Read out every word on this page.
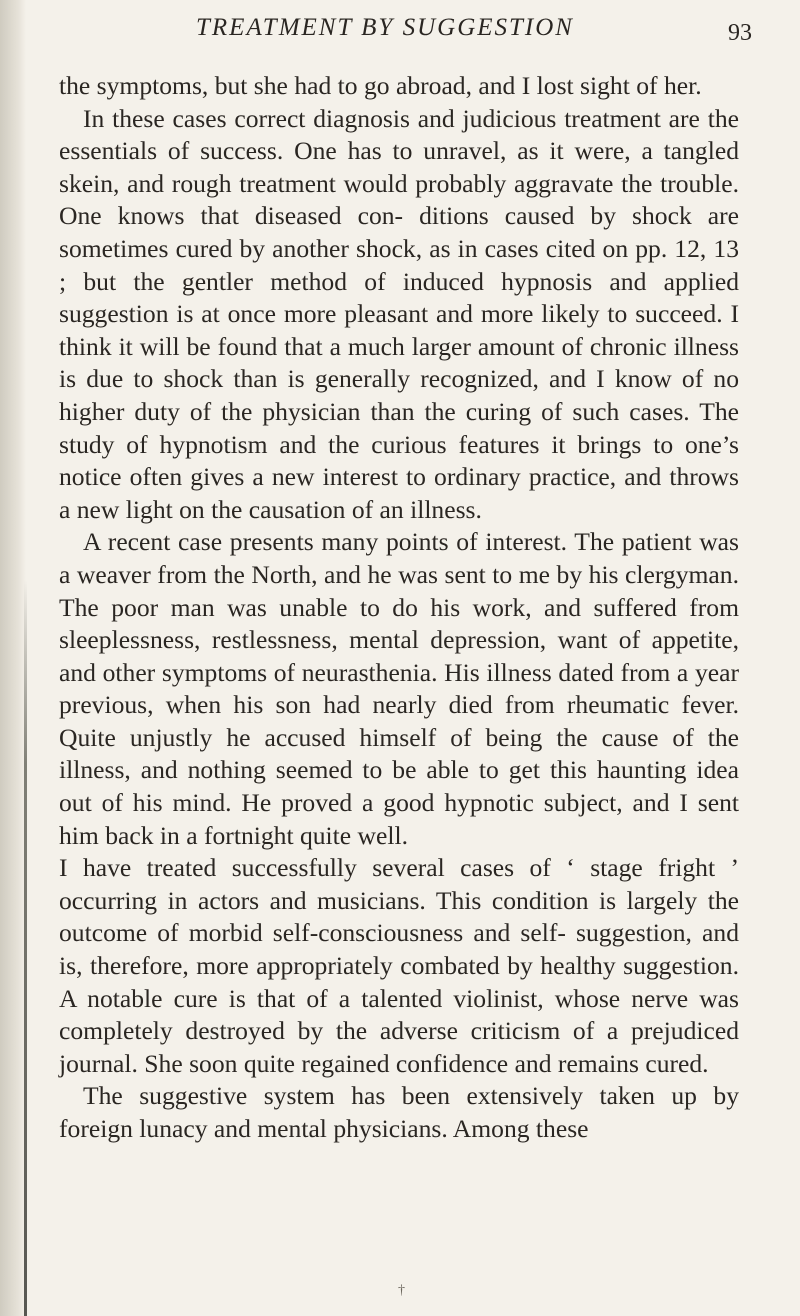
TREATMENT BY SUGGESTION	93

the symptoms, but she had to go abroad, and I lost sight of her.

In these cases correct diagnosis and judicious treatment are the essentials of success. One has to unravel, as it were, a tangled skein, and rough treatment would probably aggravate the trouble. One knows that diseased con- ditions caused by shock are sometimes cured by another shock, as in cases cited on pp. 12, 13 ; but the gentler method of induced hypnosis and applied suggestion is at once more pleasant and more likely to succeed. I think it will be found that a much larger amount of chronic illness is due to shock than is generally recognized, and I know of no higher duty of the physician than the curing of such cases. The study of hypnotism and the curious features it brings to one’s notice often gives a new interest to ordinary practice, and throws a new light on the causation of an illness.

A recent case presents many points of interest. The patient was a weaver from the North, and he was sent to me by his clergyman. The poor man was unable to do his work, and suffered from sleeplessness, restlessness, mental depression, want of appetite, and other symptoms of neurasthenia. His illness dated from a year previous, when his son had nearly died from rheumatic fever. Quite unjustly he accused himself of being the cause of the illness, and nothing seemed to be able to get this haunting idea out of his mind. He proved a good hypnotic subject, and I sent him back in a fortnight quite well.

I have treated successfully several cases of ‘ stage fright ’ occurring in actors and musicians. This condition is largely the outcome of morbid self-consciousness and self- suggestion, and is, therefore, more appropriately combated by healthy suggestion. A notable cure is that of a talented violinist, whose nerve was completely destroyed by the adverse criticism of a prejudiced journal. She soon quite regained confidence and remains cured.

The suggestive system has been extensively taken up by foreign lunacy and mental physicians. Among these

†
